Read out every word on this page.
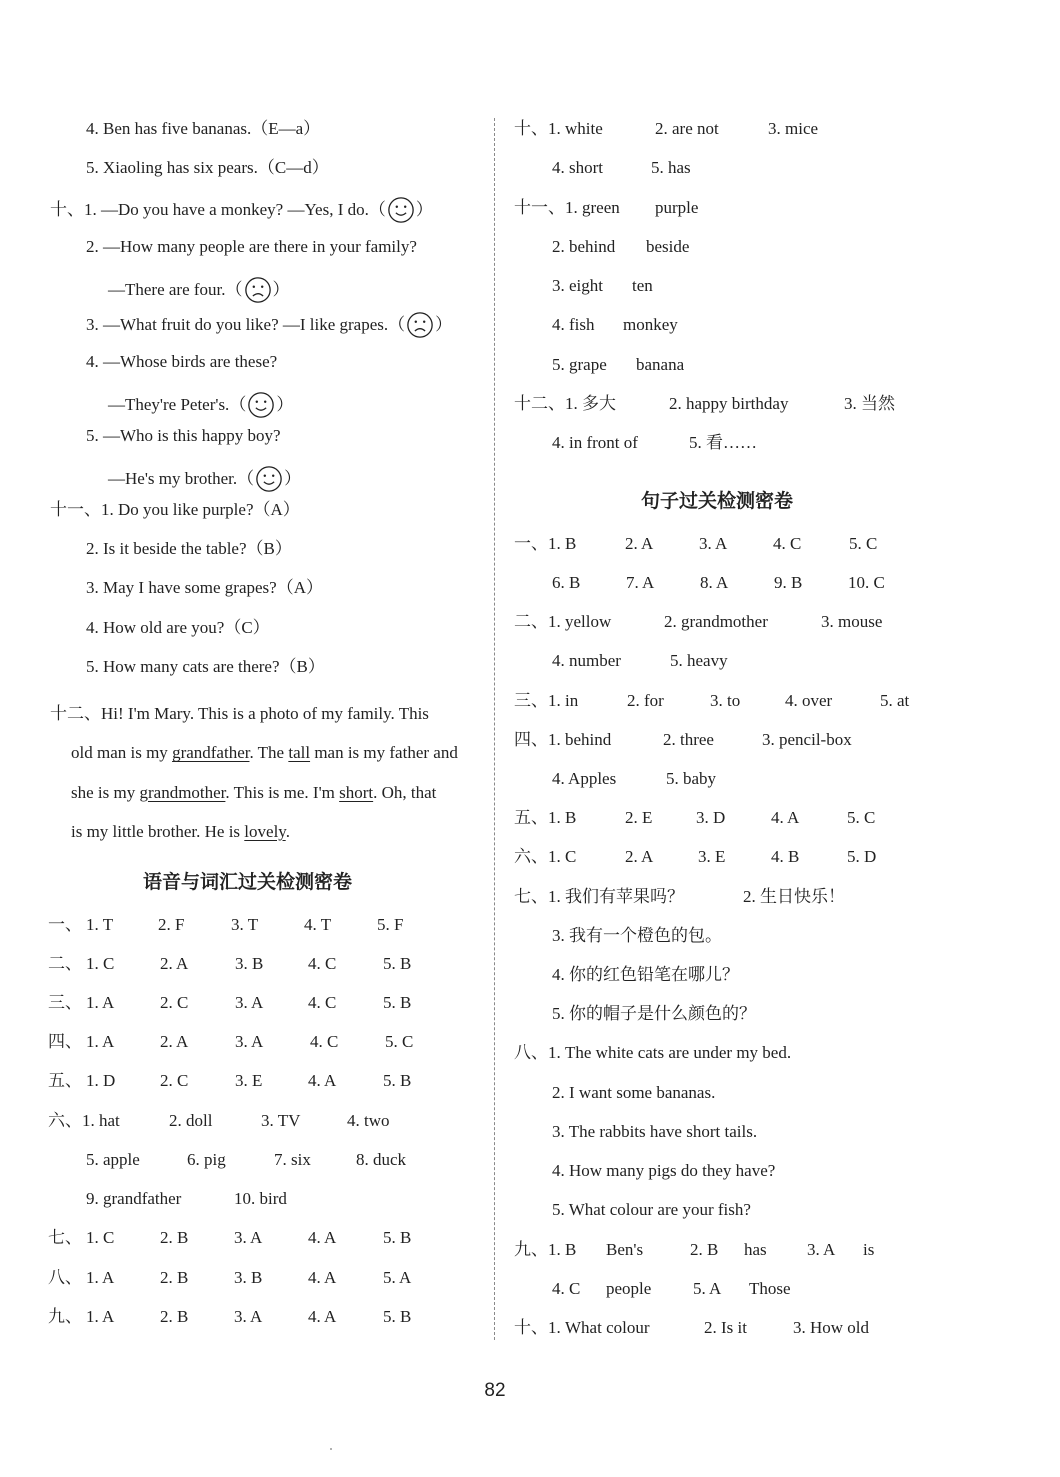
4. Ben has five bananas.（E—a）
5. Xiaoling has six pears.（C—d）
十、1. —Do you have a monkey? —Yes, I do.（ ）
2. —How many people are there in your family?
—There are four.（ ）
3. —What fruit do you like? —I like grapes.（ ）
4. —Whose birds are these?
—They're Peter's.（ ）
5. —Who is this happy boy?
—He's my brother.（ ）
十一、1. Do you like purple?（A）
2. Is it beside the table?（B）
3. May I have some grapes?（A）
4. How old are you?（C）
5. How many cats are there?（B）
十二、Hi! I'm Mary. This is a photo of my family. This
old man is my grandfather. The tall man is my father and
she is my grandmother. This is me. I'm short. Oh, that
is my little brother. He is lovely.
语音与词汇过关检测密卷
一、 1. T	2. F	3. T	4. T	5. F
二、 1. C	2. A	3. B	4. C	5. B
三、 1. A	2. C	3. A	4. C	5. B
四、 1. A	2. A	3. A	4. C	5. C
五、 1. D	2. C	3. E	4. A	5. B
六、1. hat	2. doll	3. TV	4. two
5. apple	6. pig	7. six	8. duck
9. grandfather	10. bird
七、 1. C	2. B	3. A	4. A	5. B
八、 1. A	2. B	3. B	4. A	5. A
九、 1. A	2. B	3. A	4. A	5. B
十、1. white	2. are not	3. mice
4. short	5. has
十一、1. green purple
2. behind beside
3. eight ten
4. fish monkey
5. grape banana
十二、1. 多大	2. happy birthday	3. 当然
4. in front of	5. 看……
句子过关检测密卷
一、1. B	2. A	3. A	4. C	5. C
6. B	7. A	8. A	9. B	10. C
二、1. yellow	2. grandmother	3. mouse
4. number	5. heavy
三、1. in	2. for	3. to	4. over	5. at
四、1. behind	2. three	3. pencil-box
4. Apples	5. baby
五、1. B	2. E	3. D	4. A	5. C
六、1. C	2. A	3. E	4. B	5. D
七、1. 我们有苹果吗？	2. 生日快乐！
3. 我有一个橙色的包。
4. 你的红色铅笔在哪儿？
5. 你的帽子是什么颜色的？
八、1. The white cats are under my bed.
2. I want some bananas.
3. The rabbits have short tails.
4. How many pigs do they have?
5. What colour are your fish?
九、1. B Ben's	2. B has 3. A is
4. C people 5. A Those
十、1. What colour	2. Is it	3. How old
82
